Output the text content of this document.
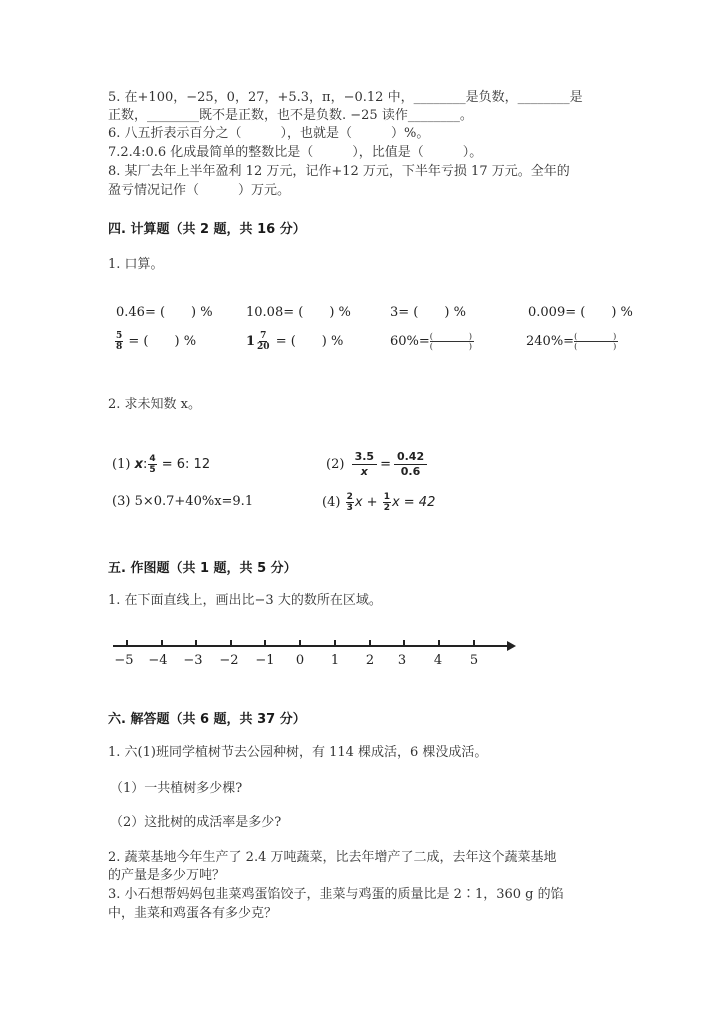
5. 在+100，−25，0，27，+5.3，π，−0.12 中，________是负数，________是
正数，________既不是正数，也不是负数. −25 读作________。
6. 八五折表示百分之（　　　），也就是（　　　）%。
7.2.4:0.6 化成最简单的整数比是（　　　），比值是（　　　）。
8. 某厂去年上半年盈利 12 万元，记作+12 万元，下半年亏损 17 万元。全年的
盈亏情况记作（　　　）万元。
四. 计算题（共 2 题，共 16 分）
1. 口算。
0.46= (　　) %	10.08= (　　) %	3= (　　) %	0.009= (　　) %
$\frac{5}{8}$ = (　　) %	$1 \frac{7}{20}$ = (　　) %	$60\%= \frac{( )}{( )}$	$240\%= \frac{( )}{( )}$
2. 求未知数 x。
(1) x: $\frac{4}{5} = 6$: 12	$(2) \frac{3.5}{x} = \frac{0.42}{0.6}$
(3) 5×0.7+40%x=9.1	$(4) \frac{2}{3}$ $x + \frac{1}{2}$ x = 42
五. 作图题（共 1 题，共 5 分）
1. 在下面直线上，画出比−3 大的数所在区域。
−5 −4 −3 −2 −1 0 1 2 3 4 5
六. 解答题（共 6 题，共 37 分）
1. 六(1)班同学植树节去公园种树，有 114 棵成活，6 棵没成活。
（1）一共植树多少棵?
（2）这批树的成活率是多少?
2. 蔬菜基地今年生产了 2.4 万吨蔬菜，比去年增产了二成，去年这个蔬菜基地
的产量是多少万吨？
3. 小石想帮妈妈包韭菜鸡蛋馅饺子，韭菜与鸡蛋的质量比是 2∶1，360 g 的馅
中，韭菜和鸡蛋各有多少克？
